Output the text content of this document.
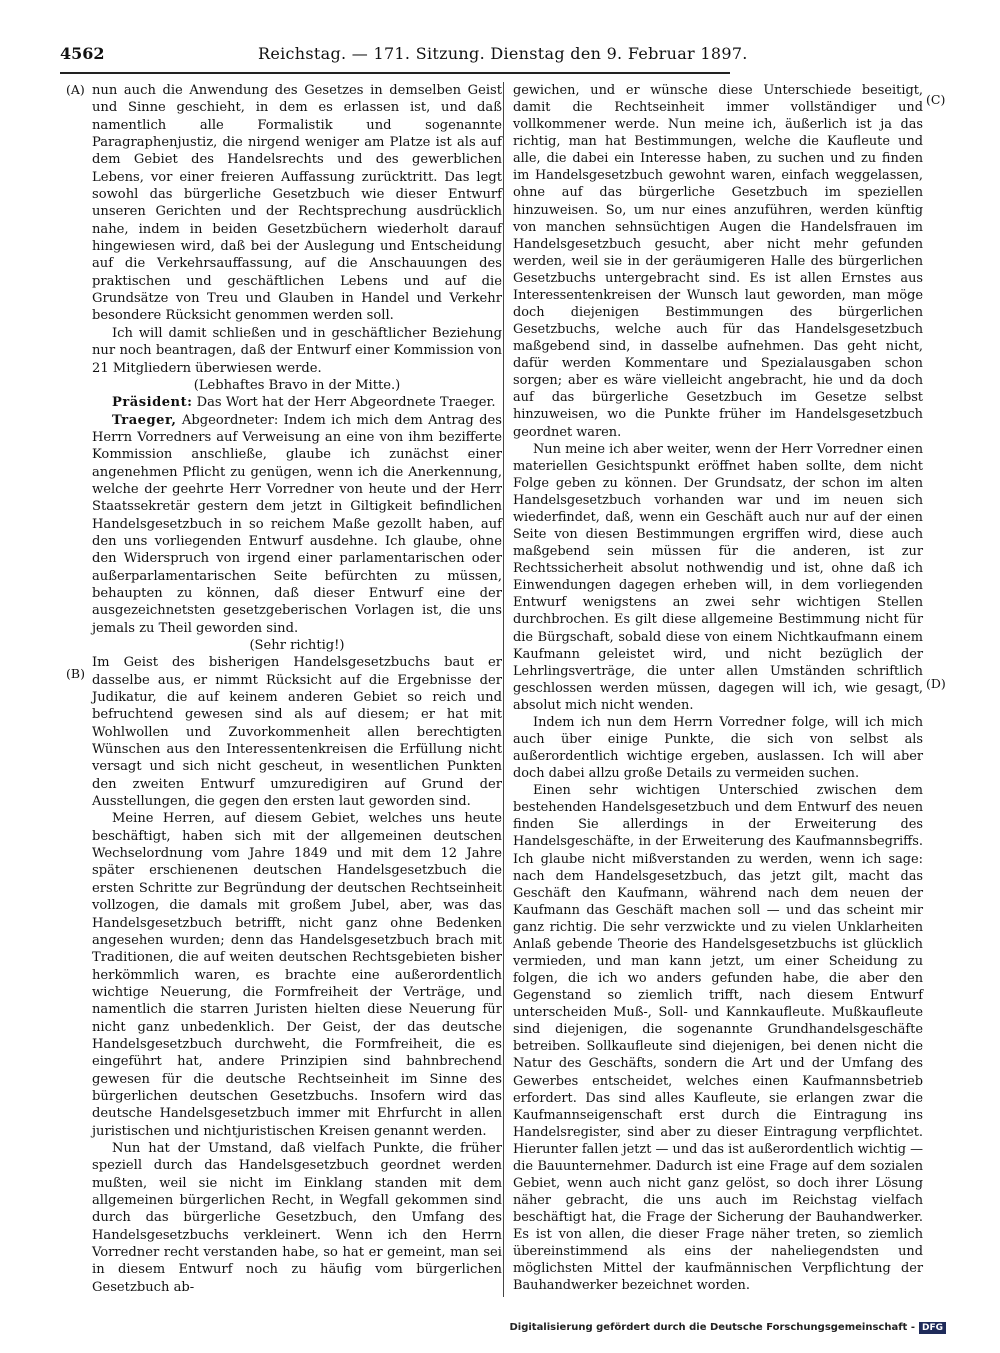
4562	Reichstag. — 171. Sitzung. Dienstag den 9. Februar 1897.
(A)
(B)
(C)
(D)

nun auch die Anwendung des Gesetzes in demselben Geist und Sinne geschieht, in dem es erlassen ist, und daß namentlich alle Formalistik und sogenannte Paragraphenjustiz, die nirgend weniger am Platze ist als auf dem Gebiet des Handelsrechts und des gewerblichen Lebens, vor einer freieren Auffassung zurücktritt. Das legt sowohl das bürgerliche Gesetzbuch wie dieser Entwurf unseren Gerichten und der Rechtsprechung ausdrücklich nahe, indem in beiden Gesetzbüchern wiederholt darauf hingewiesen wird, daß bei der Auslegung und Entscheidung auf die Verkehrsauffassung, auf die Anschauungen des praktischen und geschäftlichen Lebens und auf die Grundsätze von Treu und Glauben in Handel und Verkehr besondere Rücksicht genommen werden soll.

Ich will damit schließen und in geschäftlicher Beziehung nur noch beantragen, daß der Entwurf einer Kommission von 21 Mitgliedern überwiesen werde.

(Lebhaftes Bravo in der Mitte.)

Präsident: Das Wort hat der Herr Abgeordnete Traeger.

Traeger, Abgeordneter: Indem ich mich dem Antrag des Herrn Vorredners auf Verweisung an eine von ihm bezifferte Kommission anschließe, glaube ich zunächst einer angenehmen Pflicht zu genügen, wenn ich die Anerkennung, welche der geehrte Herr Vorredner von heute und der Herr Staatssekretär gestern dem jetzt in Giltigkeit befindlichen Handelsgesetzbuch in so reichem Maße gezollt haben, auf den uns vorliegenden Entwurf ausdehne. Ich glaube, ohne den Widerspruch von irgend einer parlamentarischen oder außerparlamentarischen Seite befürchten zu müssen, behaupten zu können, daß dieser Entwurf eine der ausgezeichnetsten gesetzgeberischen Vorlagen ist, die uns jemals zu Theil geworden sind.

(Sehr richtig!)

Im Geist des bisherigen Handelsgesetzbuchs baut er dasselbe aus, er nimmt Rücksicht auf die Ergebnisse der Judikatur, die auf keinem anderen Gebiet so reich und befruchtend gewesen sind als auf diesem; er hat mit Wohlwollen und Zuvorkommenheit allen berechtigten Wünschen aus den Interessentenkreisen die Erfüllung nicht versagt und sich nicht gescheut, in wesentlichen Punkten den zweiten Entwurf umzuredigiren auf Grund der Ausstellungen, die gegen den ersten laut geworden sind.

Meine Herren, auf diesem Gebiet, welches uns heute beschäftigt, haben sich mit der allgemeinen deutschen Wechselordnung vom Jahre 1849 und mit dem 12 Jahre später erschienenen deutschen Handelsgesetzbuch die ersten Schritte zur Begründung der deutschen Rechtseinheit vollzogen, die damals mit großem Jubel, aber, was das Handelsgesetzbuch betrifft, nicht ganz ohne Bedenken angesehen wurden; denn das Handelsgesetzbuch brach mit Traditionen, die auf weiten deutschen Rechtsgebieten bisher herkömmlich waren, es brachte eine außerordentlich wichtige Neuerung, die Formfreiheit der Verträge, und namentlich die starren Juristen hielten diese Neuerung für nicht ganz unbedenklich. Der Geist, der das deutsche Handelsgesetzbuch durchweht, die Formfreiheit, die es eingeführt hat, andere Prinzipien sind bahnbrechend gewesen für die deutsche Rechtseinheit im Sinne des bürgerlichen deutschen Gesetzbuchs. Insofern wird das deutsche Handelsgesetzbuch immer mit Ehrfurcht in allen juristischen und nichtjuristischen Kreisen genannt werden.

Nun hat der Umstand, daß vielfach Punkte, die früher speziell durch das Handelsgesetzbuch geordnet werden mußten, weil sie nicht im Einklang standen mit dem allgemeinen bürgerlichen Recht, in Wegfall gekommen sind durch das bürgerliche Gesetzbuch, den Umfang des Handelsgesetzbuchs verkleinert. Wenn ich den Herrn Vorredner recht verstanden habe, so hat er gemeint, man sei in diesem Entwurf noch zu häufig vom bürgerlichen Gesetzbuch ab-

gewichen, und er wünsche diese Unterschiede beseitigt, damit die Rechtseinheit immer vollständiger und vollkommener werde. Nun meine ich, äußerlich ist ja das richtig, man hat Bestimmungen, welche die Kaufleute und alle, die dabei ein Interesse haben, zu suchen und zu finden im Handelsgesetzbuch gewohnt waren, einfach weggelassen, ohne auf das bürgerliche Gesetzbuch im speziellen hinzuweisen. So, um nur eines anzuführen, werden künftig von manchen sehnsüchtigen Augen die Handelsfrauen im Handelsgesetzbuch gesucht, aber nicht mehr gefunden werden, weil sie in der geräumigeren Halle des bürgerlichen Gesetzbuchs untergebracht sind. Es ist allen Ernstes aus Interessentenkreisen der Wunsch laut geworden, man möge doch diejenigen Bestimmungen des bürgerlichen Gesetzbuchs, welche auch für das Handelsgesetzbuch maßgebend sind, in dasselbe aufnehmen. Das geht nicht, dafür werden Kommentare und Spezialausgaben schon sorgen; aber es wäre vielleicht angebracht, hie und da doch auf das bürgerliche Gesetzbuch im Gesetze selbst hinzuweisen, wo die Punkte früher im Handelsgesetzbuch geordnet waren.

Nun meine ich aber weiter, wenn der Herr Vorredner einen materiellen Gesichtspunkt eröffnet haben sollte, dem nicht Folge geben zu können. Der Grundsatz, der schon im alten Handelsgesetzbuch vorhanden war und im neuen sich wiederfindet, daß, wenn ein Geschäft auch nur auf der einen Seite von diesen Bestimmungen ergriffen wird, diese auch maßgebend sein müssen für die anderen, ist zur Rechtssicherheit absolut nothwendig und ist, ohne daß ich Einwendungen dagegen erheben will, in dem vorliegenden Entwurf wenigstens an zwei sehr wichtigen Stellen durchbrochen. Es gilt diese allgemeine Bestimmung nicht für die Bürgschaft, sobald diese von einem Nichtkaufmann einem Kaufmann geleistet wird, und nicht bezüglich der Lehrlingsverträge, die unter allen Umständen schriftlich geschlossen werden müssen, dagegen will ich, wie gesagt, absolut mich nicht wenden.

Indem ich nun dem Herrn Vorredner folge, will ich mich auch über einige Punkte, die sich von selbst als außerordentlich wichtige ergeben, auslassen. Ich will aber doch dabei allzu große Details zu vermeiden suchen.

Einen sehr wichtigen Unterschied zwischen dem bestehenden Handelsgesetzbuch und dem Entwurf des neuen finden Sie allerdings in der Erweiterung des Handelsgeschäfte, in der Erweiterung des Kaufmannsbegriffs. Ich glaube nicht mißverstanden zu werden, wenn ich sage: nach dem Handelsgesetzbuch, das jetzt gilt, macht das Geschäft den Kaufmann, während nach dem neuen der Kaufmann das Geschäft machen soll — und das scheint mir ganz richtig. Die sehr verzwickte und zu vielen Unklarheiten Anlaß gebende Theorie des Handelsgesetzbuchs ist glücklich vermieden, und man kann jetzt, um einer Scheidung zu folgen, die ich wo anders gefunden habe, die aber den Gegenstand so ziemlich trifft, nach diesem Entwurf unterscheiden Muß-, Soll- und Kannkaufleute. Mußkaufleute sind diejenigen, die sogenannte Grundhandelsgeschäfte betreiben. Sollkaufleute sind diejenigen, bei denen nicht die Natur des Geschäfts, sondern die Art und der Umfang des Gewerbes entscheidet, welches einen Kaufmannsbetrieb erfordert. Das sind alles Kaufleute, sie erlangen zwar die Kaufmannseigenschaft erst durch die Eintragung ins Handelsregister, sind aber zu dieser Eintragung verpflichtet. Hierunter fallen jetzt — und das ist außerordentlich wichtig — die Bauunternehmer. Dadurch ist eine Frage auf dem sozialen Gebiet, wenn auch nicht ganz gelöst, so doch ihrer Lösung näher gebracht, die uns auch im Reichstag vielfach beschäftigt hat, die Frage der Sicherung der Bauhandwerker. Es ist von allen, die dieser Frage näher treten, so ziemlich übereinstimmend als eins der naheliegendsten und möglichsten Mittel der kaufmännischen Verpflichtung der Bauhandwerker bezeichnet worden.

Digitalisierung gefördert durch die Deutsche Forschungsgemeinschaft - DFG
